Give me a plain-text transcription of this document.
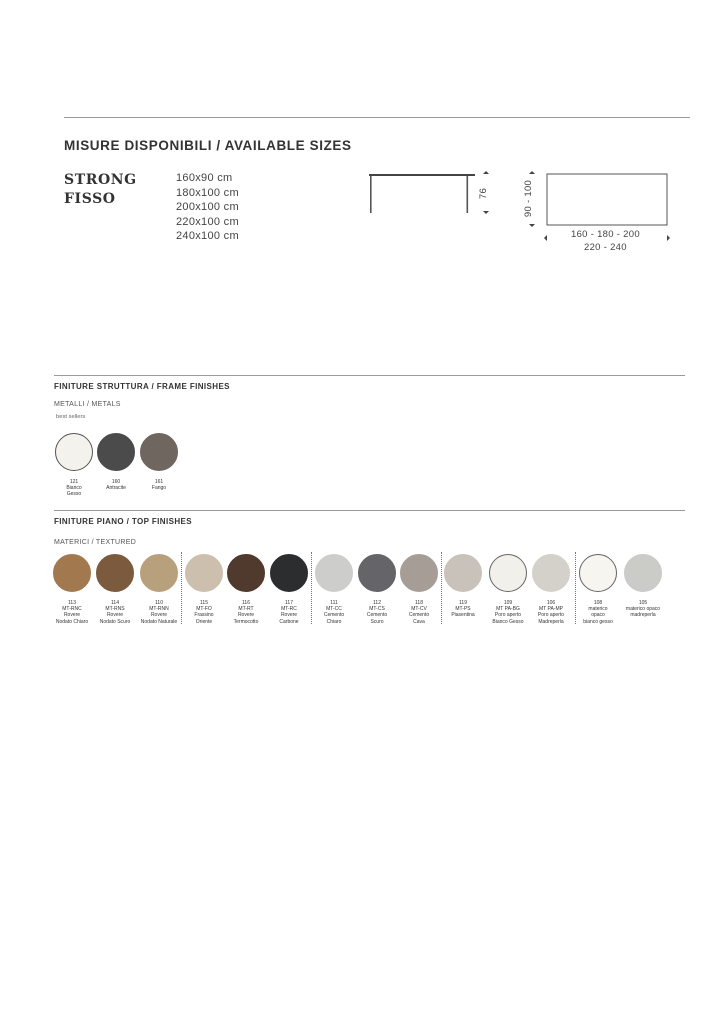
MISURE DISPONIBILI / AVAILABLE SIZES
STRONG
FISSO
160x90 cm
180x100 cm
200x100 cm
220x100 cm
240x100 cm
76	90 - 100
160 - 180 - 200
220 - 240
FINITURE STRUTTURA / FRAME FINISHES
METALLI / METALS
best sellers
121
Bianco
Gesso
160
Antracite
161
Fango
FINITURE PIANO / TOP FINISHES
MATERICI / TEXTURED
113
MT-RNC
Rovere
Nodato Chiaro
114
MT-RNS
Rovere
Nodato Scuro
110
MT-RNN
Rovere
Nodato Naturale
115
MT-FO
Frassino
Oriente
116
MT-RT
Rovere
Termocotto
117
MT-RC
Rovere
Carbone
111
MT-CC
Cemento
Chiaro
112
MT-CS
Cemento
Scuro
118
MT-CV
Cemento
Cava
119
MT-PS
Piasentina
109
MT PA-BG
Poro aperto
Bianco Gesso
106
MT PA-MP
Poro aperto
Madreperla
108
materico
opaco
bianco gesso
105
materico opaco
madreperla
